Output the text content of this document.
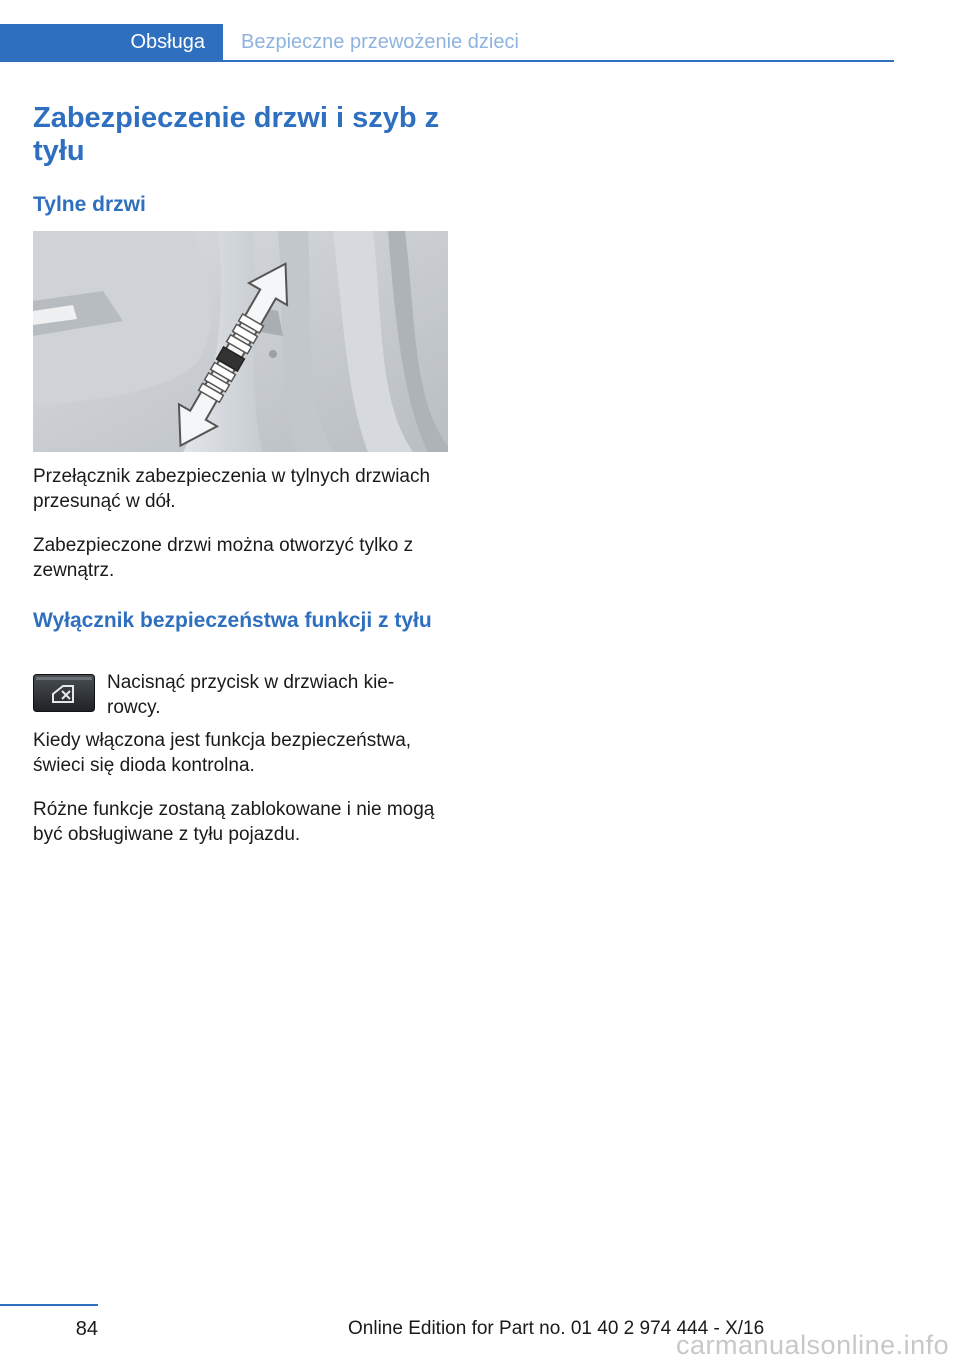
Obsługa Bezpieczne przewożenie dzieci
Zabezpieczenie drzwi i szyb z tyłu
Tylne drzwi

Przełącznik zabezpieczenia w tylnych drzwiach przesunąć w dół.

Zabezpieczone drzwi można otworzyć tylko z zewnątrz.

Wyłącznik bezpieczeństwa funkcji z tyłu

Nacisnąć przycisk w drzwiach kie-rowcy.

Kiedy włączona jest funkcja bezpieczeństwa, świeci się dioda kontrolna.

Różne funkcje zostaną zablokowane i nie mogą być obsługiwane z tyłu pojazdu.

84	Online Edition for Part no. 01 40 2 974 444 - X/16
carmanualsonline.info
